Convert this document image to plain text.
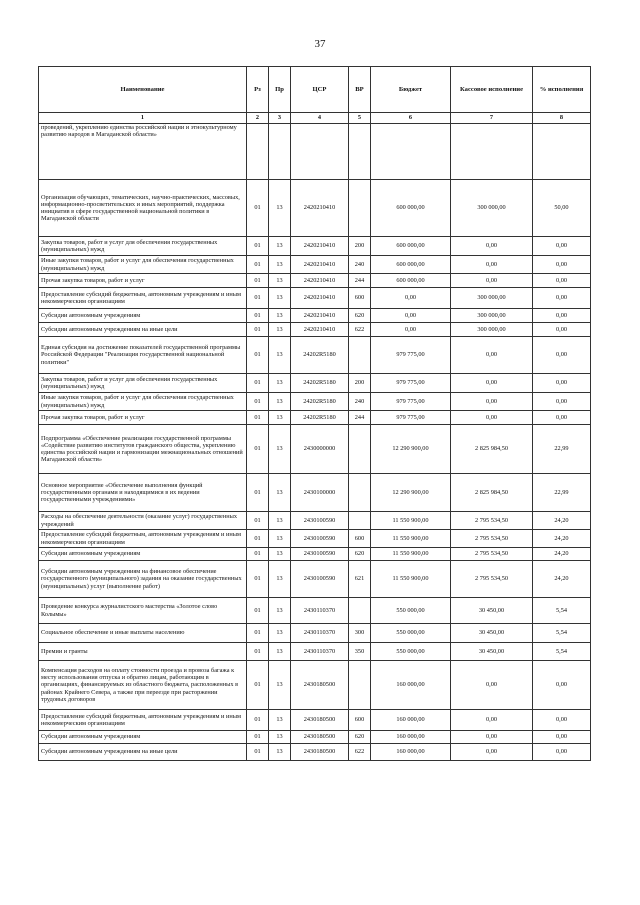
37
Наименование	Рз	Пр	ЦСР	ВР	Бюджет	Кассовое исполнение	% исполнения
1	2	3	4	5	6	7	8
проведений, укреплению единства российской нации и этнокультурному развитию народов в Магаданской области»							
Организация обучающих, тематических, научно-практических, массовых, информационно-просветительских и иных мероприятий, поддержка инициатив в сфере государственной национальной политики в Магаданской области	01	13	2420210410		600 000,00	300 000,00	50,00
Закупка товаров, работ и услуг для обеспечения государственных (муниципальных) нужд	01	13	2420210410	200	600 000,00	0,00	0,00
Иные закупки товаров, работ и услуг для обеспечения государственных (муниципальных) нужд	01	13	2420210410	240	600 000,00	0,00	0,00
Прочая закупка товаров, работ и услуг	01	13	2420210410	244	600 000,00	0,00	0,00
Предоставление субсидий бюджетным, автономным учреждениям и иным некоммерческим организациям	01	13	2420210410	600	0,00	300 000,00	0,00
Субсидии автономным учреждениям	01	13	2420210410	620	0,00	300 000,00	0,00
Субсидии автономным учреждениям на иные цели	01	13	2420210410	622	0,00	300 000,00	0,00
Единая субсидия на достижение показателей государственной программы Российской Федерации "Реализация государственной национальной политики"	01	13	24202R5180		979 775,00	0,00	0,00
Закупка товаров, работ и услуг для обеспечения государственных (муниципальных) нужд	01	13	24202R5180	200	979 775,00	0,00	0,00
Иные закупки товаров, работ и услуг для обеспечения государственных (муниципальных) нужд	01	13	24202R5180	240	979 775,00	0,00	0,00
Прочая закупка товаров, работ и услуг	01	13	24202R5180	244	979 775,00	0,00	0,00
Подпрограмма «Обеспечение реализации государственной программы «Содействие развитию институтов гражданского общества, укреплению единства российской нации и гармонизации межнациональных отношений Магаданской области»	01	13	2430000000		12 290 900,00	2 825 984,50	22,99
Основное мероприятие «Обеспечение выполнения функций государственными органами и находящимися в их ведении государственными учреждениями»	01	13	2430100000		12 290 900,00	2 825 984,50	22,99
Расходы на обеспечение деятельности (оказание услуг) государственных учреждений	01	13	2430100590		11 550 900,00	2 795 534,50	24,20
Предоставление субсидий бюджетным, автономным учреждениям и иным некоммерческим организациям	01	13	2430100590	600	11 550 900,00	2 795 534,50	24,20
Субсидии автономным учреждениям	01	13	2430100590	620	11 550 900,00	2 795 534,50	24,20
Субсидии автономным учреждениям на финансовое обеспечение государственного (муниципального) задания на оказание государственных (муниципальных) услуг (выполнение работ)	01	13	2430100590	621	11 550 900,00	2 795 534,50	24,20
Проведение конкурса журналистского мастерства «Золотое слово Колымы»	01	13	2430110370		550 000,00	30 450,00	5,54
Социальное обеспечение и иные выплаты населению	01	13	2430110370	300	550 000,00	30 450,00	5,54
Премии и гранты	01	13	2430110370	350	550 000,00	30 450,00	5,54
Компенсация расходов на оплату стоимости проезда и провоза багажа к месту использования отпуска и обратно лицам, работающим в организациях, финансируемых из областного бюджета, расположенных в районах Крайнего Севера, а также при переезде при расторжении трудовых договоров	01	13	2430180500		160 000,00	0,00	0,00
Предоставление субсидий бюджетным, автономным учреждениям и иным некоммерческим организациям	01	13	2430180500	600	160 000,00	0,00	0,00
Субсидии автономным учреждениям	01	13	2430180500	620	160 000,00	0,00	0,00
Субсидии автономным учреждениям на иные цели	01	13	2430180500	622	160 000,00	0,00	0,00
